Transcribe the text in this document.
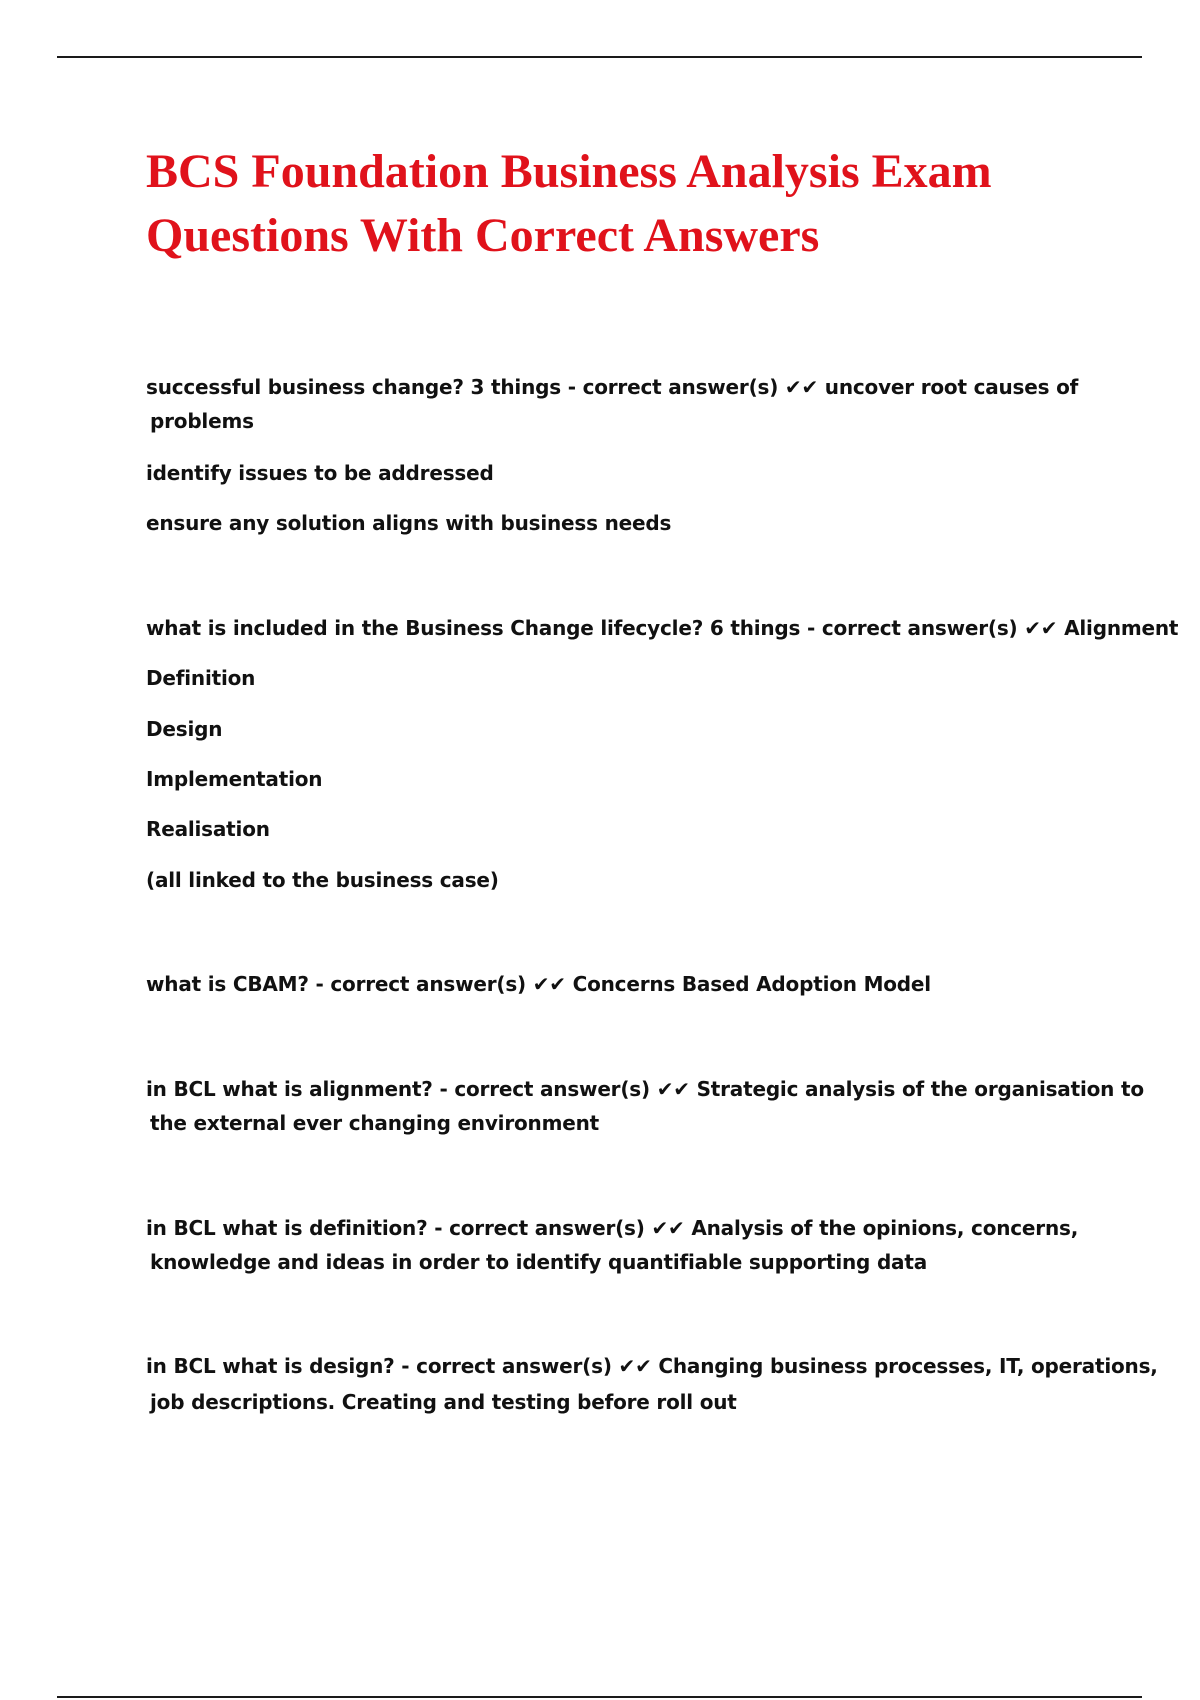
BCS Foundation Business Analysis Exam
Questions With Correct Answers
successful business change? 3 things - correct answer(s) ✔✔ uncover root causes of
problems
identify issues to be addressed
ensure any solution aligns with business needs
what is included in the Business Change lifecycle? 6 things - correct answer(s) ✔✔ Alignment
Definition
Design
Implementation
Realisation
(all linked to the business case)
what is CBAM? - correct answer(s) ✔✔ Concerns Based Adoption Model
in BCL what is alignment? - correct answer(s) ✔✔ Strategic analysis of the organisation to
the external ever changing environment
in BCL what is definition? - correct answer(s) ✔✔ Analysis of the opinions, concerns,
knowledge and ideas in order to identify quantifiable supporting data
in BCL what is design? - correct answer(s) ✔✔ Changing business processes, IT, operations,
job descriptions. Creating and testing before roll out
